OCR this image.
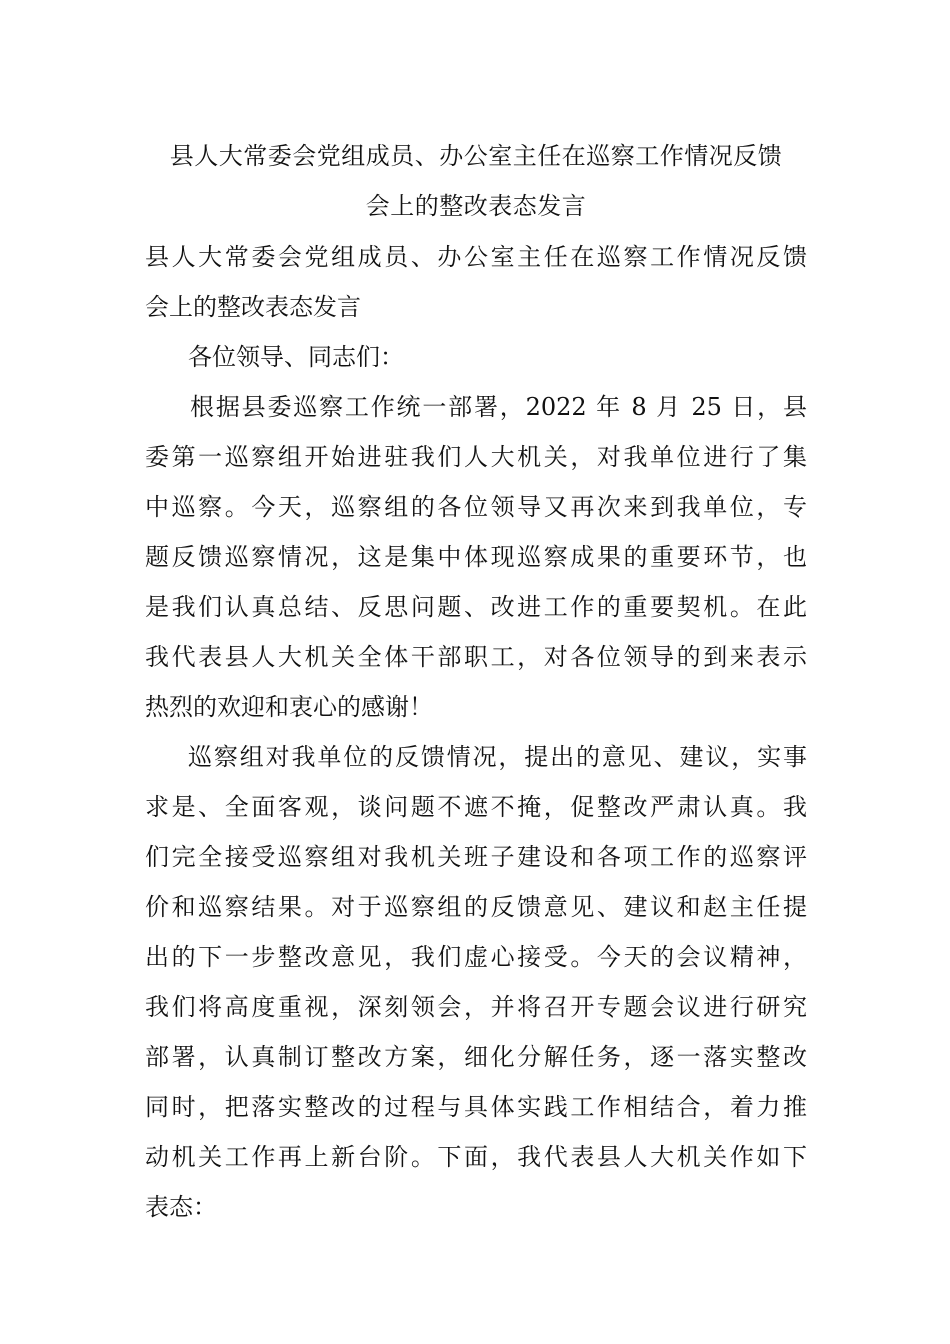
县人大常委会党组成员、办公室主任在巡察工作情况反馈
会上的整改表态发言
县人大常委会党组成员、办公室主任在巡察工作情况反馈
会上的整改表态发言
各位领导、同志们：
根据县委巡察工作统一部署，2022 年 8 月 25 日，县
委第一巡察组开始进驻我们人大机关，对我单位进行了集
中巡察。今天，巡察组的各位领导又再次来到我单位，专
题反馈巡察情况，这是集中体现巡察成果的重要环节，也
是我们认真总结、反思问题、改进工作的重要契机。在此
我代表县人大机关全体干部职工，对各位领导的到来表示
热烈的欢迎和衷心的感谢！
巡察组对我单位的反馈情况，提出的意见、建议，实事
求是、全面客观，谈问题不遮不掩，促整改严肃认真。我
们完全接受巡察组对我机关班子建设和各项工作的巡察评
价和巡察结果。对于巡察组的反馈意见、建议和赵主任提
出的下一步整改意见，我们虚心接受。今天的会议精神，
我们将高度重视，深刻领会，并将召开专题会议进行研究
部署，认真制订整改方案，细化分解任务，逐一落实整改
同时，把落实整改的过程与具体实践工作相结合，着力推
动机关工作再上新台阶。下面，我代表县人大机关作如下
表态：
